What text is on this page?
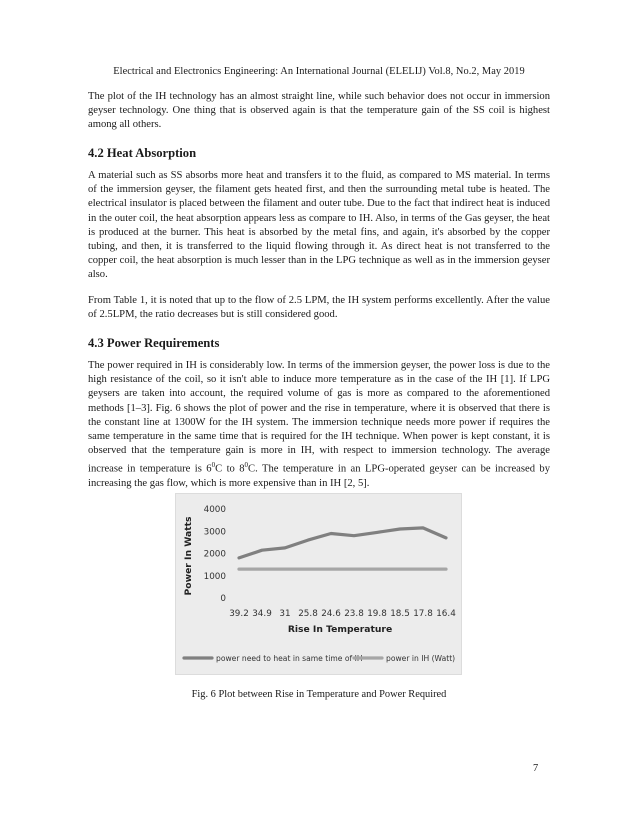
Electrical and Electronics Engineering: An International Journal (ELELIJ) Vol.8, No.2, May 2019

The plot of the IH technology has an almost straight line, while such behavior does not occur in immersion geyser technology. One thing that is observed again is that the temperature gain of the SS coil is highest among all others.

4.2 Heat Absorption

A material such as SS absorbs more heat and transfers it to the fluid, as compared to MS material. In terms of the immersion geyser, the filament gets heated first, and then the surrounding metal tube is heated. The electrical insulator is placed between the filament and outer tube. Due to the fact that indirect heat is induced in the outer coil, the heat absorption appears less as compare to IH. Also, in terms of the Gas geyser, the heat is produced at the burner. This heat is absorbed by the metal fins, and again, it's absorbed by the copper tubing, and then, it is transferred to the liquid flowing through it. As direct heat is not transferred to the copper coil, the heat absorption is much lesser than in the LPG technique as well as in the immersion geyser also.

From Table 1, it is noted that up to the flow of 2.5 LPM, the IH system performs excellently. After the value of 2.5LPM, the ratio decreases but is still considered good.

4.3 Power Requirements

The power required in IH is considerably low. In terms of the immersion geyser, the power loss is due to the high resistance of the coil, so it isn't able to induce more temperature as in the case of the IH [1]. If LPG geysers are taken into account, the required volume of gas is more as compared to the aforementioned methods [1–3]. Fig. 6 shows the plot of power and the rise in temperature, where it is observed that there is the constant line at 1300W for the IH system. The immersion technique needs more power if requires the same temperature in the same time that is required for the IH technique. When power is kept constant, it is observed that the temperature gain is more in IH, with respect to immersion technology. The average increase in temperature is $6^0C$ to $8^0C$. The temperature in an LPG-operated geyser can be increased by increasing the gas flow, which is more expensive than in IH [2, 5].

0
1000
2000
3000
4000
39.2 34.9 31 25.8 24.6 23.8 19.8 18.5 17.8 16.4
Power In Watts
Rise In Temperature
power need to heat in same time of IH	power in IH (Watt)
Fig. 6 Plot between Rise in Temperature and Power Required
7
